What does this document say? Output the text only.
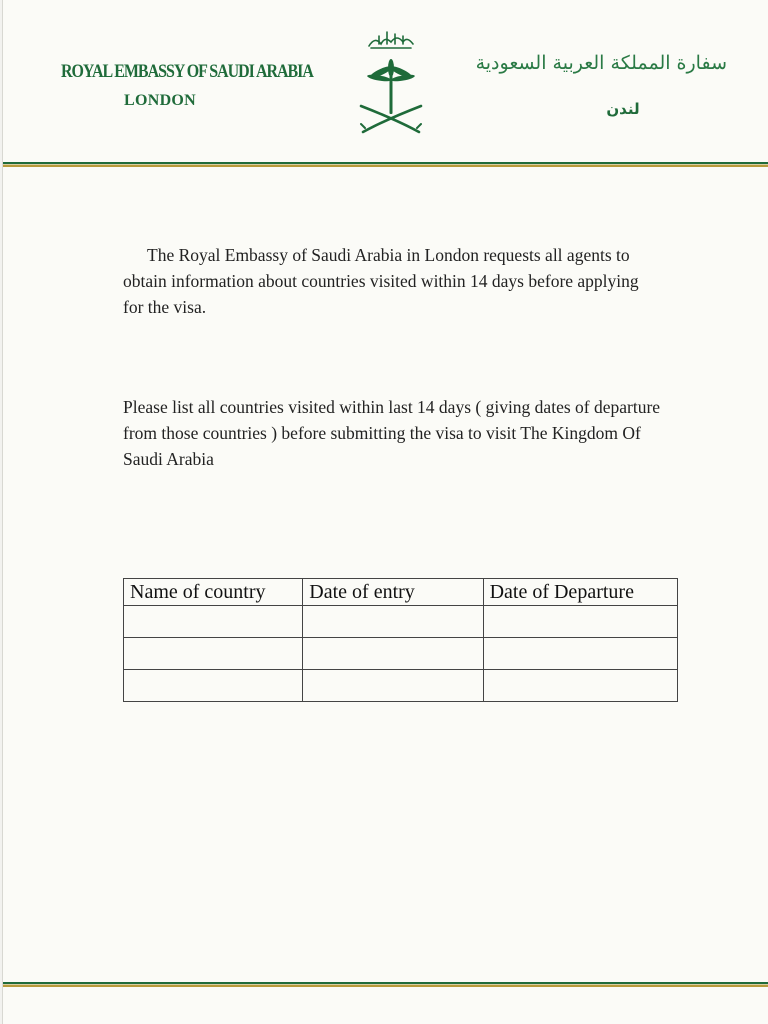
ROYAL EMBASSY OF SAUDI ARABIA
LONDON
سفارة المملكة العربية السعودية
لندن

The Royal Embassy of Saudi Arabia in London requests all agents to obtain information about countries visited within 14 days before applying for the visa.

Please list all countries visited within last 14 days ( giving dates of departure from those countries ) before submitting the visa to visit The Kingdom Of Saudi Arabia

Name of country	Date of entry	Date of Departure
